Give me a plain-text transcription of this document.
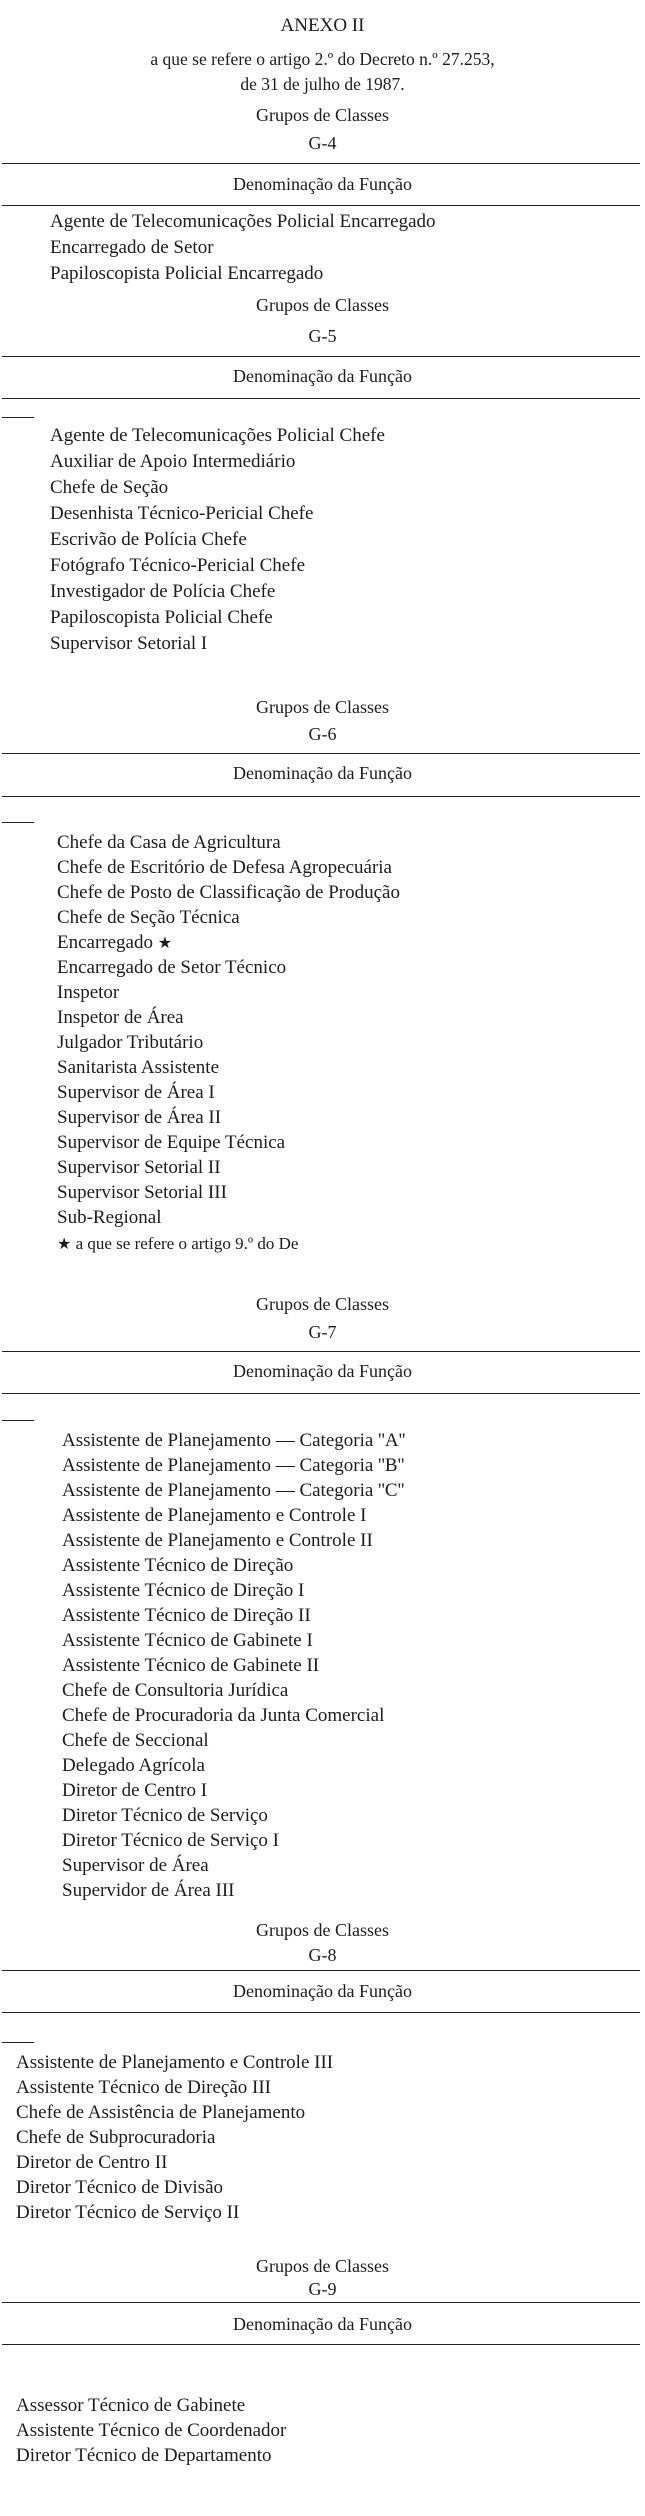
ANEXO II

a que se refere o artigo 2.º do Decreto n.º 27.253,

de 31 de julho de 1987.

Grupos de Classes

G-4

Denominação da Função

Agente de Telecomunicações Policial Encarregado

Encarregado de Setor

Papiloscopista Policial Encarregado

Grupos de Classes

G-5

Denominação da Função

Agente de Telecomunicações Policial Chefe

Auxiliar de Apoio Intermediário

Chefe de Seção

Desenhista Técnico-Pericial Chefe

Escrivão de Polícia Chefe

Fotógrafo Técnico-Pericial Chefe

Investigador de Polícia Chefe

Papiloscopista Policial Chefe

Supervisor Setorial I

Grupos de Classes

G-6

Denominação da Função

Chefe da Casa de Agricultura

Chefe de Escritório de Defesa Agropecuária

Chefe de Posto de Classificação de Produção

Chefe de Seção Técnica

Encarregado ★

Encarregado de Setor Técnico

Inspetor

Inspetor de Área

Julgador Tributário

Sanitarista Assistente

Supervisor de Área I

Supervisor de Área II

Supervisor de Equipe Técnica

Supervisor Setorial II

Supervisor Setorial III

Sub-Regional

★ a que se refere o artigo 9.º do De

Grupos de Classes

G-7

Denominação da Função

Assistente de Planejamento — Categoria ''A''

Assistente de Planejamento — Categoria ''B''

Assistente de Planejamento — Categoria ''C''

Assistente de Planejamento e Controle I

Assistente de Planejamento e Controle II

Assistente Técnico de Direção

Assistente Técnico de Direção I

Assistente Técnico de Direção II

Assistente Técnico de Gabinete I

Assistente Técnico de Gabinete II

Chefe de Consultoria Jurídica

Chefe de Procuradoria da Junta Comercial

Chefe de Seccional

Delegado Agrícola

Diretor de Centro I

Diretor Técnico de Serviço

Diretor Técnico de Serviço I

Supervisor de Área

Supervidor de Área III

Grupos de Classes

G-8

Denominação da Função

Assistente de Planejamento e Controle III

Assistente Técnico de Direção III

Chefe de Assistência de Planejamento

Chefe de Subprocuradoria

Diretor de Centro II

Diretor Técnico de Divisão

Diretor Técnico de Serviço II

Grupos de Classes

G-9

Denominação da Função

Assessor Técnico de Gabinete

Assistente Técnico de Coordenador

Diretor Técnico de Departamento
